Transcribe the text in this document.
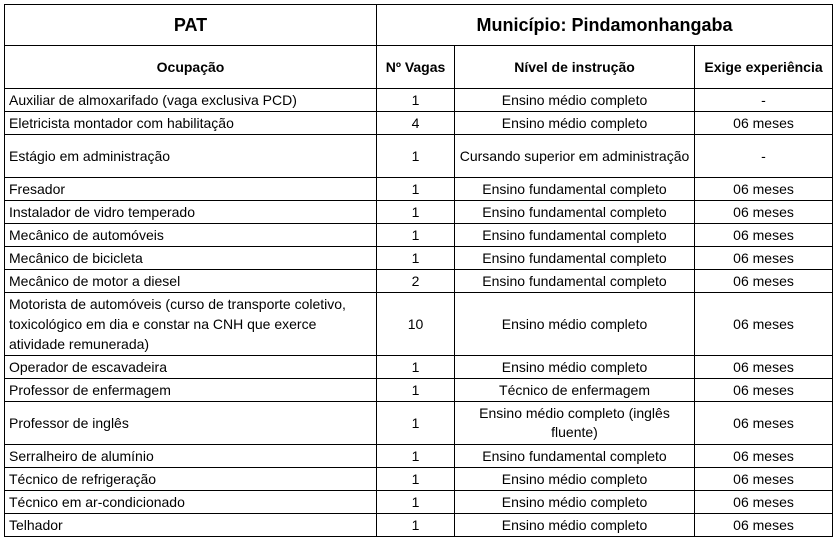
PAT	Município: Pindamonhangaba		
Ocupação	Nº Vagas	Nível de instrução	Exige experiência
Auxiliar de almoxarifado (vaga exclusiva PCD)	1	Ensino médio completo	-
Eletricista montador com habilitação	4	Ensino médio completo	06 meses
Estágio em administração	1	Cursando superior em administração	-
Fresador	1	Ensino fundamental completo	06 meses
Instalador de vidro temperado	1	Ensino fundamental completo	06 meses
Mecânico de automóveis	1	Ensino fundamental completo	06 meses
Mecânico de bicicleta	1	Ensino fundamental completo	06 meses
Mecânico de motor a diesel	2	Ensino fundamental completo	06 meses
Motorista de automóveis (curso de transporte coletivo, toxicológico em dia e constar na CNH que exerce atividade remunerada)	10	Ensino médio completo	06 meses
Operador de escavadeira	1	Ensino médio completo	06 meses
Professor de enfermagem	1	Técnico de enfermagem	06 meses
Professor de inglês	1	Ensino médio completo (inglês fluente)	06 meses
Serralheiro de alumínio	1	Ensino fundamental completo	06 meses
Técnico de refrigeração	1	Ensino médio completo	06 meses
Técnico em ar-condicionado	1	Ensino médio completo	06 meses
Telhador	1	Ensino médio completo	06 meses
